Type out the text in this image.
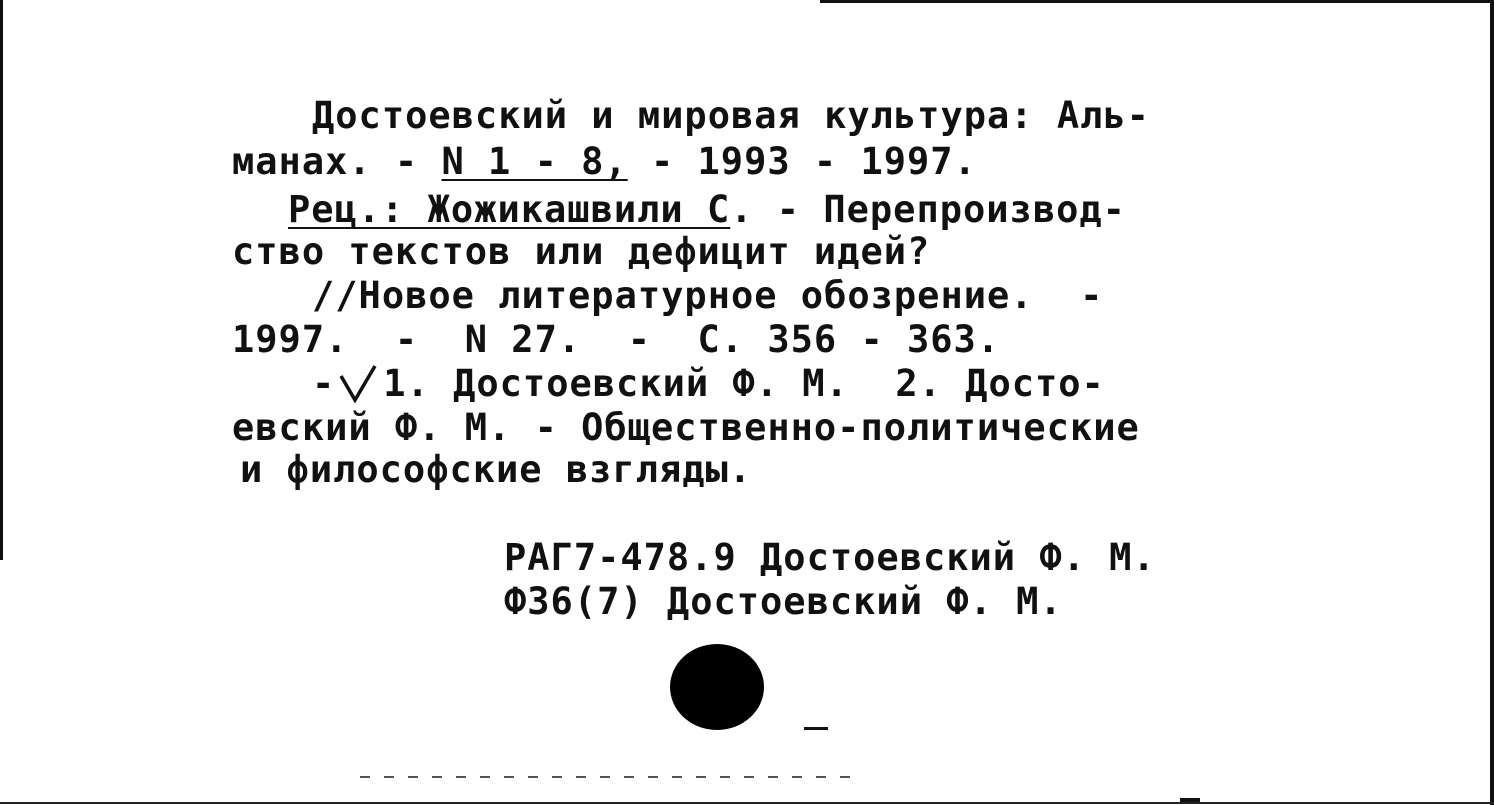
Достоевский и мировая культура: Аль-
манах. - N 1 - 8, - 1993 - 1997.
Рец.: Жожикашвили С. - Перепроизвод-
ство текстов или дефицит идей?
//Новое литературное обозрение.  -
1997.  -  N 27.  -  С. 356 - 363.
- 1. Достоевский Ф. М.  2. Досто-
евский Ф. М. - Общественно-политические
и философские взгляды.
РАГ7-478.9 Достоевский Ф. М.
Ф36(7) Достоевский Ф. М.
